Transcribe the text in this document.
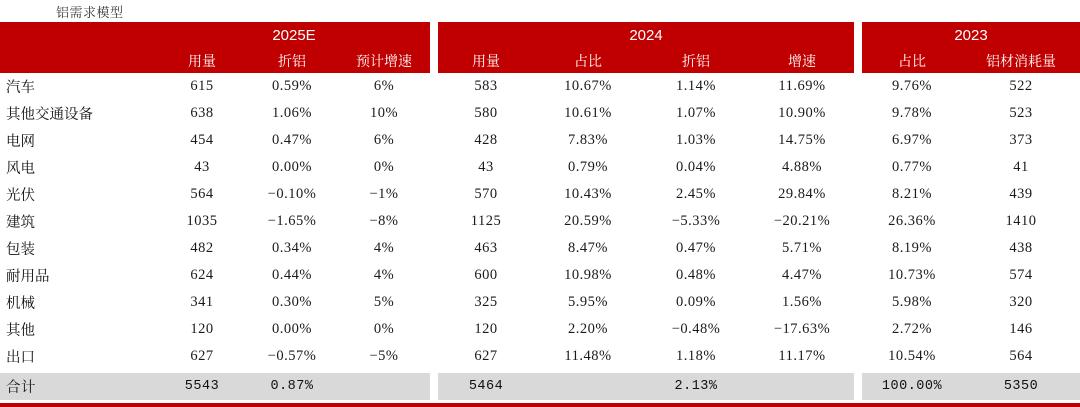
铝需求模型
	2025E				2024					2023	
	用量	折铝	预计增速		用量	占比	折铝	增速		占比	铝材消耗量
汽车	615	0.59%	6%		583	10.67%	1.14%	11.69%		9.76%	522
其他交通设备	638	1.06%	10%		580	10.61%	1.07%	10.90%		9.78%	523
电网	454	0.47%	6%		428	7.83%	1.03%	14.75%		6.97%	373
风电	43	0.00%	0%		43	0.79%	0.04%	4.88%		0.77%	41
光伏	564	−0.10%	−1%		570	10.43%	2.45%	29.84%		8.21%	439
建筑	1035	−1.65%	−8%		1125	20.59%	−5.33%	−20.21%		26.36%	1410
包装	482	0.34%	4%		463	8.47%	0.47%	5.71%		8.19%	438
耐用品	624	0.44%	4%		600	10.98%	0.48%	4.47%		10.73%	574
机械	341	0.30%	5%		325	5.95%	0.09%	1.56%		5.98%	320
其他	120	0.00%	0%		120	2.20%	−0.48%	−17.63%		2.72%	146
出口	627	−0.57%	−5%		627	11.48%	1.18%	11.17%		10.54%	564

合计	5543	0.87%			5464		2.13%			100.00%	5350
